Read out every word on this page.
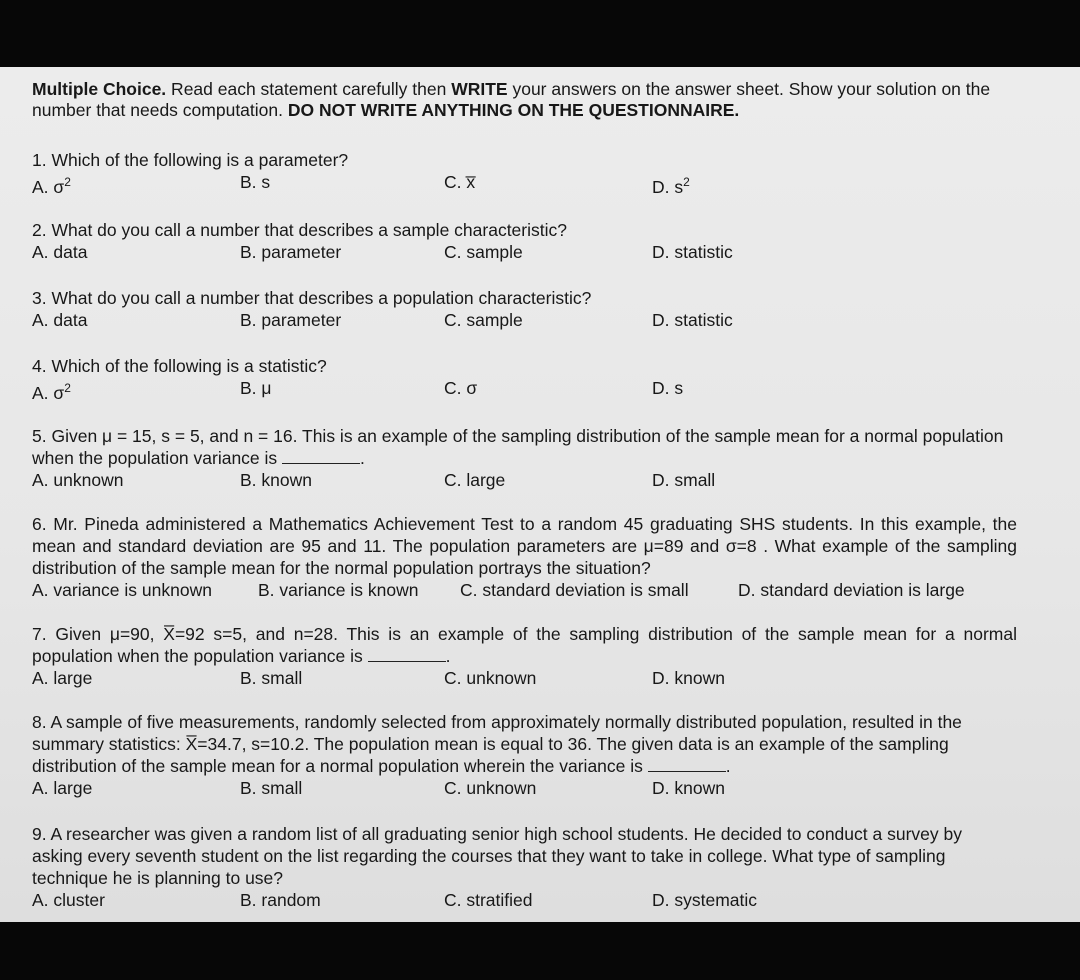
Multiple Choice. Read each statement carefully then WRITE your answers on the answer sheet. Show your solution on the number that needs computation. DO NOT WRITE ANYTHING ON THE QUESTIONNAIRE.
1. Which of the following is a parameter?
A. $\sigma^2$	B. s	C. x̅	D. $s^2$
2. What do you call a number that describes a sample characteristic?
A. data	B. parameter	C. sample	D. statistic
3. What do you call a number that describes a population characteristic?
A. data	B. parameter	C. sample	D. statistic
4. Which of the following is a statistic?
A. $\sigma^2$	B. μ	C. σ	D. s
5. Given μ = 15, s = 5, and n = 16. This is an example of the sampling distribution of the sample mean for a normal population when the population variance is	.
A. unknown	B. known	C. large	D. small
6. Mr. Pineda administered a Mathematics Achievement Test to a random 45 graduating SHS students. In this example, the mean and standard deviation are 95 and 11. The population parameters are μ=89 and σ=8 . What example of the sampling distribution of the sample mean for the normal population portrays the situation?
A. variance is unknown	B. variance is known C. standard deviation is small	D. standard deviation is large
7. Given μ=90, X̅=92 s=5, and n=28. This is an example of the sampling distribution of the sample mean for a normal population when the population variance is	.
A. large	B. small	C. unknown	D. known
8. A sample of five measurements, randomly selected from approximately normally distributed population, resulted in the summary statistics: X̅=34.7, s=10.2. The population mean is equal to 36. The given data is an example of the sampling distribution of the sample mean for a normal population wherein the variance is	.
A. large	B. small	C. unknown	D. known
9. A researcher was given a random list of all graduating senior high school students. He decided to conduct a survey by asking every seventh student on the list regarding the courses that they want to take in college. What type of sampling technique he is planning to use?
A. cluster	B. random	C. stratified	D. systematic
